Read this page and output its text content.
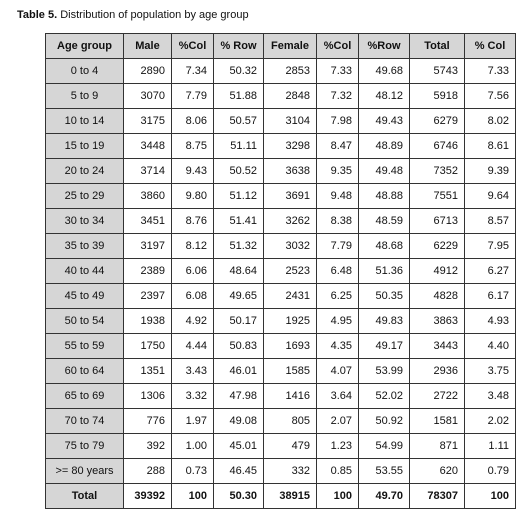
Table 5. Distribution of population by age group
Age group	Male	%Col	% Row	Female	%Col	%Row	Total	% Col
0 to 4	2890	7.34	50.32	2853	7.33	49.68	5743	7.33
5 to 9	3070	7.79	51.88	2848	7.32	48.12	5918	7.56
10 to 14	3175	8.06	50.57	3104	7.98	49.43	6279	8.02
15 to 19	3448	8.75	51.11	3298	8.47	48.89	6746	8.61
20 to 24	3714	9.43	50.52	3638	9.35	49.48	7352	9.39
25 to 29	3860	9.80	51.12	3691	9.48	48.88	7551	9.64
30 to 34	3451	8.76	51.41	3262	8.38	48.59	6713	8.57
35 to 39	3197	8.12	51.32	3032	7.79	48.68	6229	7.95
40 to 44	2389	6.06	48.64	2523	6.48	51.36	4912	6.27
45 to 49	2397	6.08	49.65	2431	6.25	50.35	4828	6.17
50 to 54	1938	4.92	50.17	1925	4.95	49.83	3863	4.93
55 to 59	1750	4.44	50.83	1693	4.35	49.17	3443	4.40
60 to 64	1351	3.43	46.01	1585	4.07	53.99	2936	3.75
65 to 69	1306	3.32	47.98	1416	3.64	52.02	2722	3.48
70 to 74	776	1.97	49.08	805	2.07	50.92	1581	2.02
75 to 79	392	1.00	45.01	479	1.23	54.99	871	1.11
>= 80 years	288	0.73	46.45	332	0.85	53.55	620	0.79
Total	39392	100	50.30	38915	100	49.70	78307	100
